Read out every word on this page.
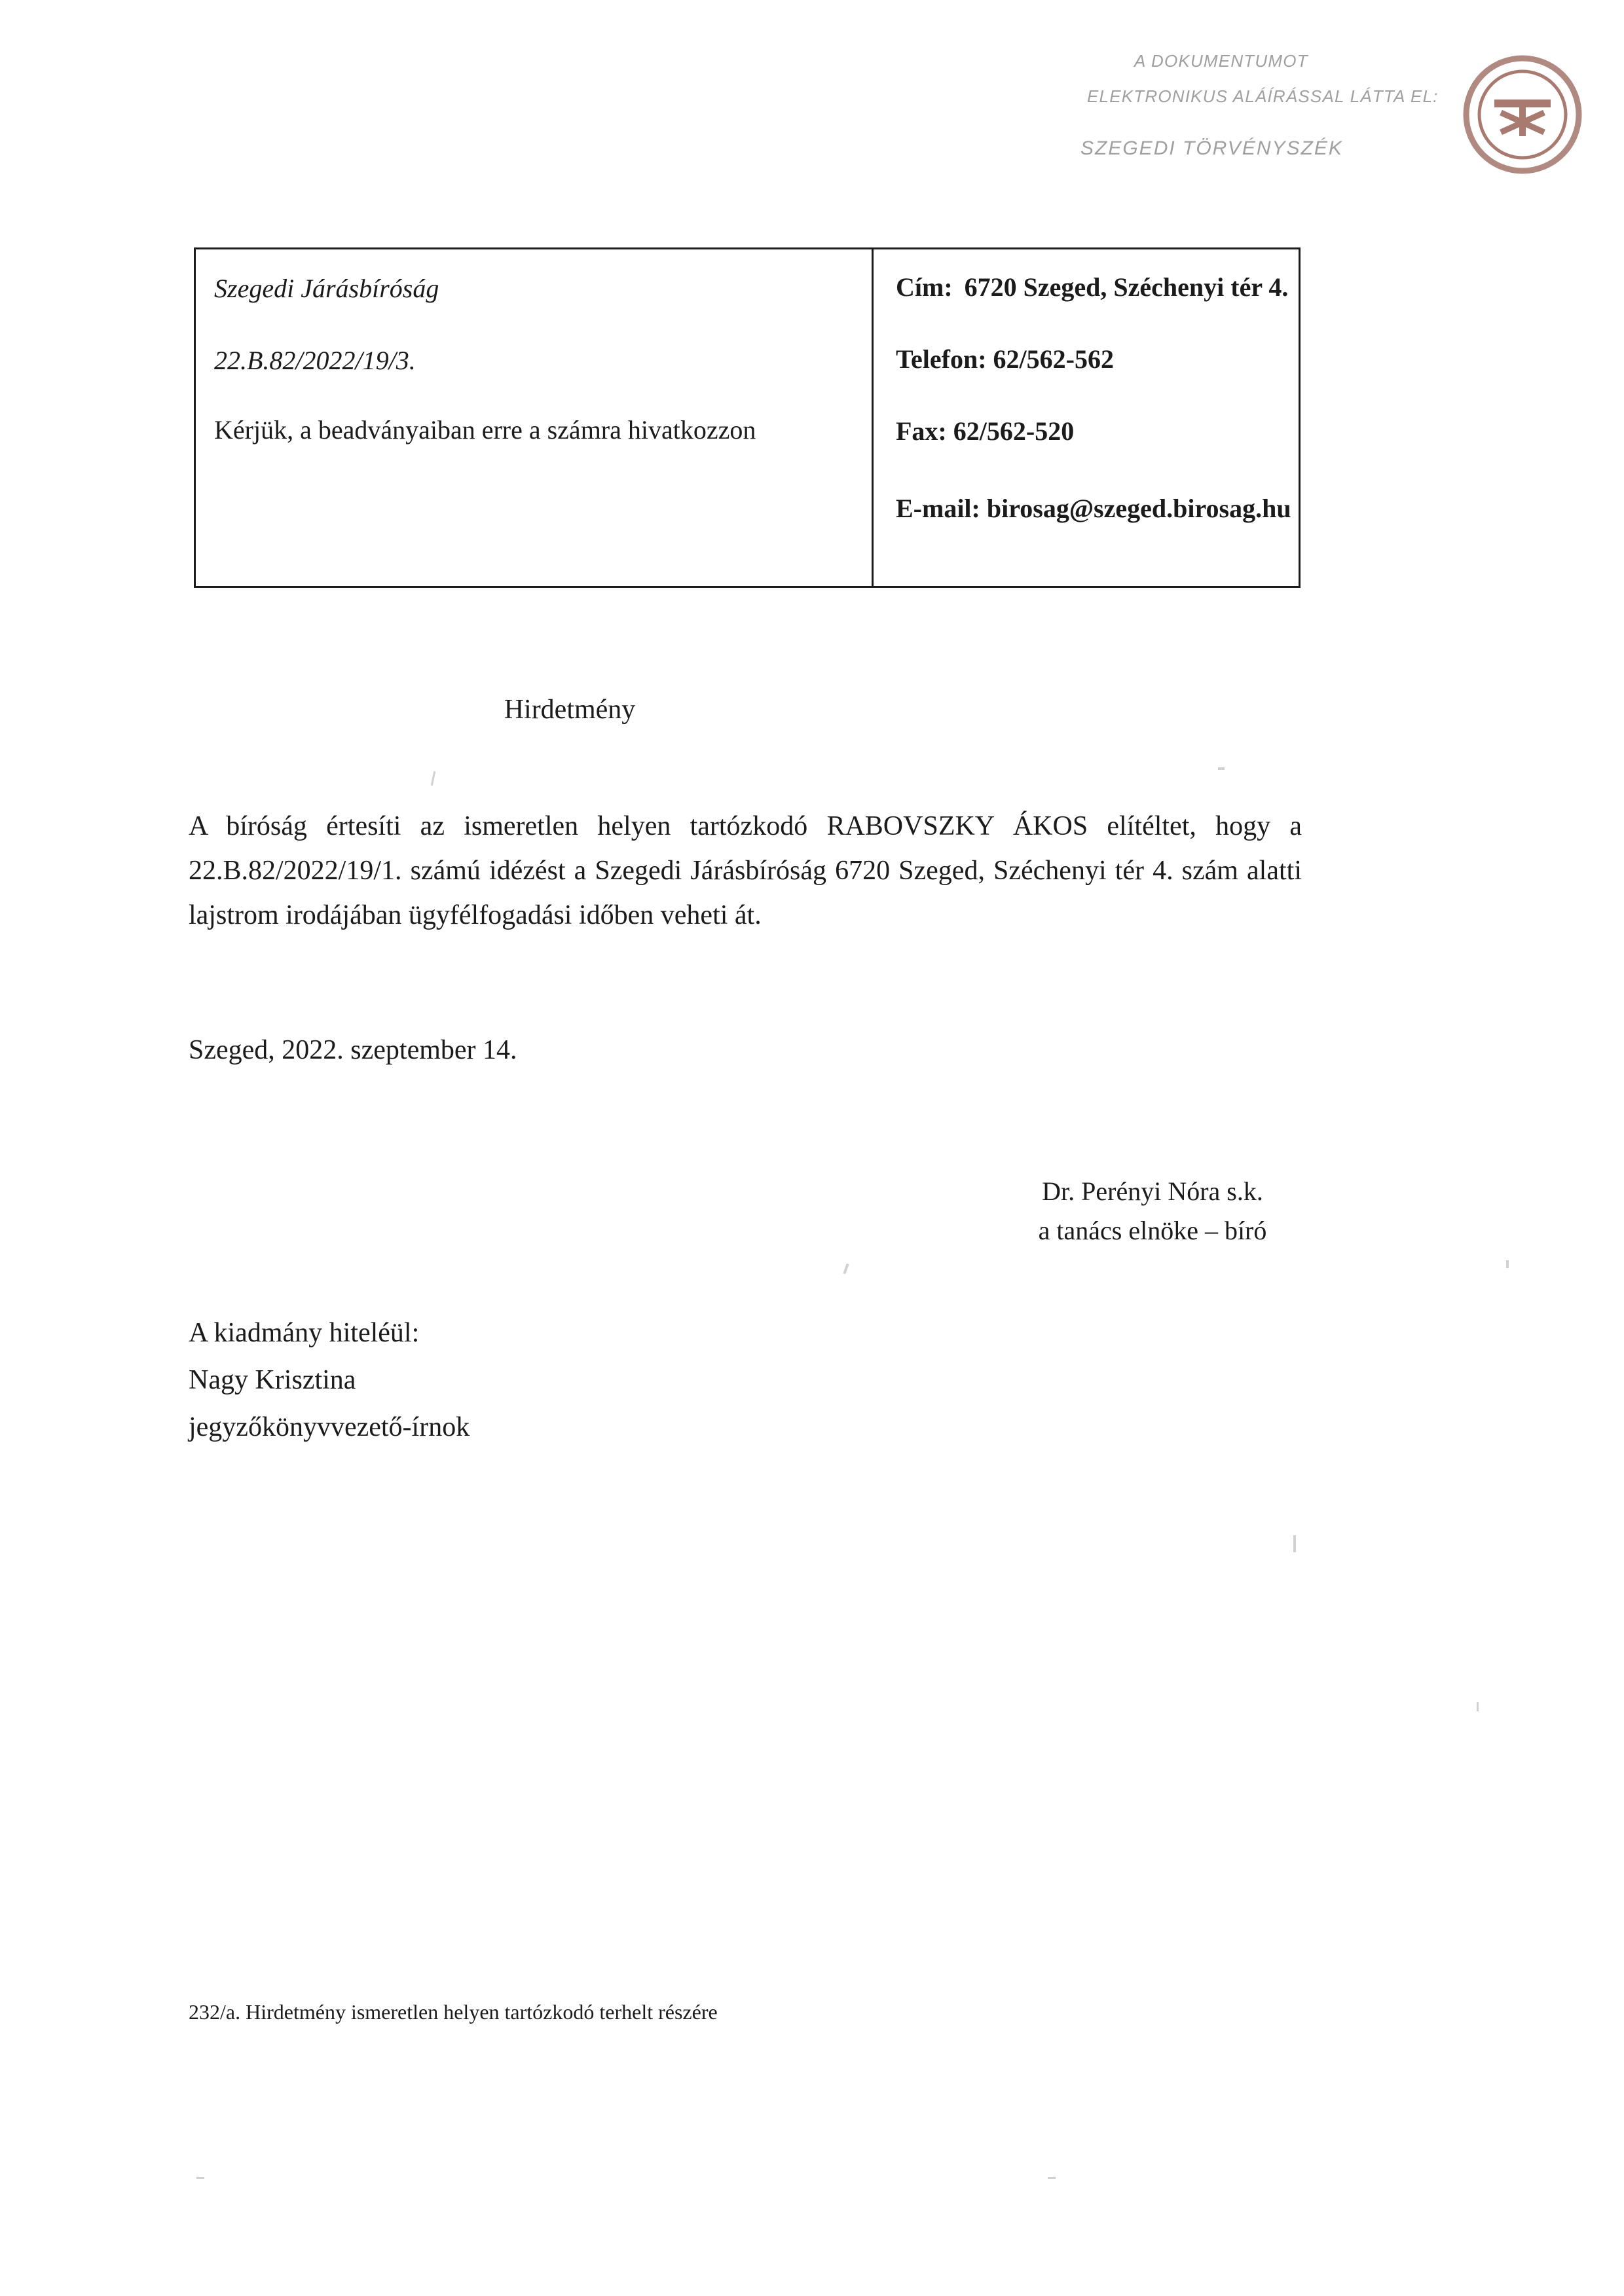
A DOKUMENTUMOT
ELEKTRONIKUS ALÁÍRÁSSAL LÁTTA EL:
SZEGEDI TÖRVÉNYSZÉK
Szegedi Járásbíróság
22.B.82/2022/19/3.
Kérjük, a beadványaiban erre a számra hivatkozzon
Cím: 6720 Szeged, Széchenyi tér 4.
Telefon: 62/562-562
Fax: 62/562-520
E-mail: birosag@szeged.birosag.hu
Hirdetmény
A bíróság értesíti az ismeretlen helyen tartózkodó RABOVSZKY ÁKOS elítéltet, hogy a 22.B.82/2022/19/1. számú idézést a Szegedi Járásbíróság 6720 Szeged, Széchenyi tér 4. szám alatti lajstrom irodájában ügyfélfogadási időben veheti át.
Szeged, 2022. szeptember 14.
Dr. Perényi Nóra s.k.
a tanács elnöke – bíró
A kiadmány hiteléül:
Nagy Krisztina
jegyzőkönyvvezető-írnok
232/a. Hirdetmény ismeretlen helyen tartózkodó terhelt részére
